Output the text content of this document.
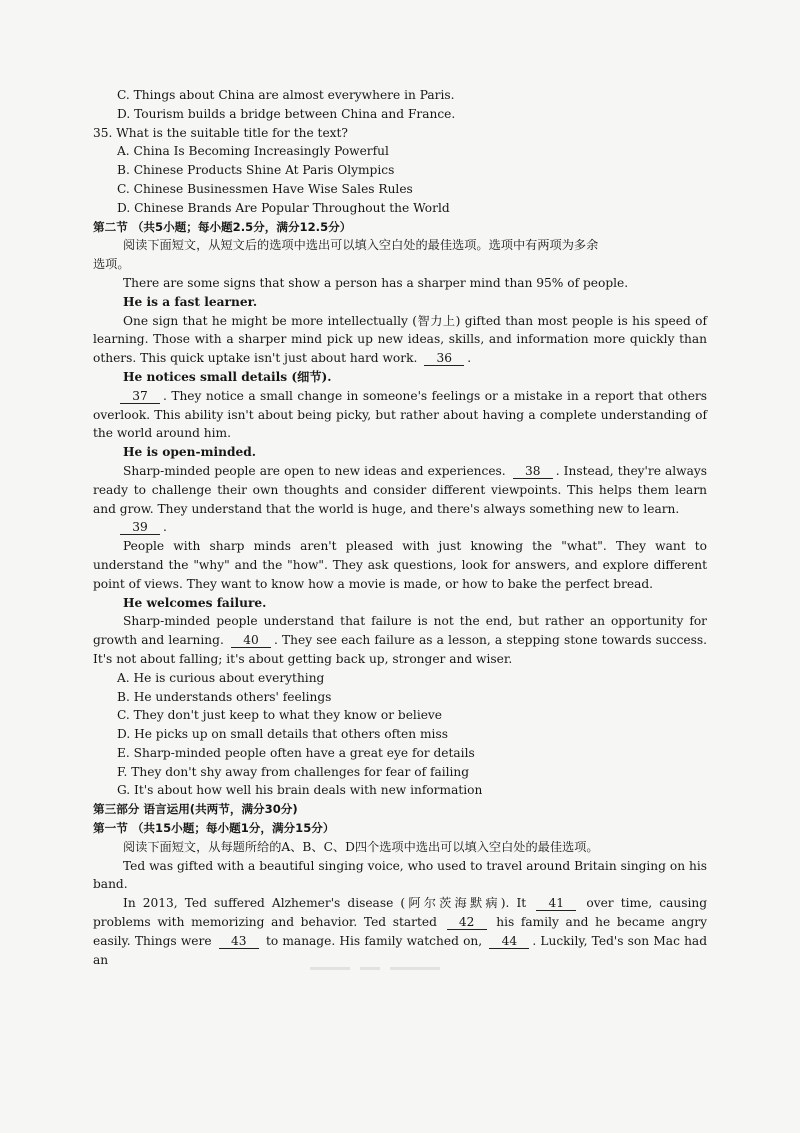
C. Things about China are almost everywhere in Paris.
D. Tourism builds a bridge between China and France.
35. What is the suitable title for the text?
A. China Is Becoming Increasingly Powerful
B. Chinese Products Shine At Paris Olympics
C. Chinese Businessmen Have Wise Sales Rules
D. Chinese Brands Are Popular Throughout the World
第二节 （共5小题；每小题2.5分，满分12.5分）
阅读下面短文，从短文后的选项中选出可以填入空白处的最佳选项。选项中有两项为多余
选项。
There are some signs that show a person has a sharper mind than 95% of people.
He is a fast learner.
One sign that he might be more intellectually (智力上) gifted than most people is his speed of learning. Those with a sharper mind pick up new ideas, skills, and information more quickly than others. This quick uptake isn't just about hard work. 36 .
He notices small details (细节).
37 . They notice a small change in someone's feelings or a mistake in a report that others overlook. This ability isn't about being picky, but rather about having a complete understanding of the world around him.
He is open-minded.
Sharp-minded people are open to new ideas and experiences. 38 . Instead, they're always ready to challenge their own thoughts and consider different viewpoints. This helps them learn and grow. They understand that the world is huge, and there's always something new to learn.
39 .
People with sharp minds aren't pleased with just knowing the "what". They want to understand the "why" and the "how". They ask questions, look for answers, and explore different point of views. They want to know how a movie is made, or how to bake the perfect bread.
He welcomes failure.
Sharp-minded people understand that failure is not the end, but rather an opportunity for growth and learning. 40 . They see each failure as a lesson, a stepping stone towards success. It's not about falling; it's about getting back up, stronger and wiser.
A. He is curious about everything
B. He understands others' feelings
C. They don't just keep to what they know or believe
D. He picks up on small details that others often miss
E. Sharp-minded people often have a great eye for details
F. They don't shy away from challenges for fear of failing
G. It's about how well his brain deals with new information
第三部分 语言运用(共两节，满分30分)
第一节 （共15小题；每小题1分，满分15分）
阅读下面短文，从每题所给的A、B、C、D四个选项中选出可以填入空白处的最佳选项。
Ted was gifted with a beautiful singing voice, who used to travel around Britain singing on his band.
In 2013, Ted suffered Alzhemer's disease (阿尔茨海默病). It 41 over time, causing problems with memorizing and behavior. Ted started 42 his family and he became angry easily. Things were 43 to manage. His family watched on, 44 . Luckily, Ted's son Mac had an
